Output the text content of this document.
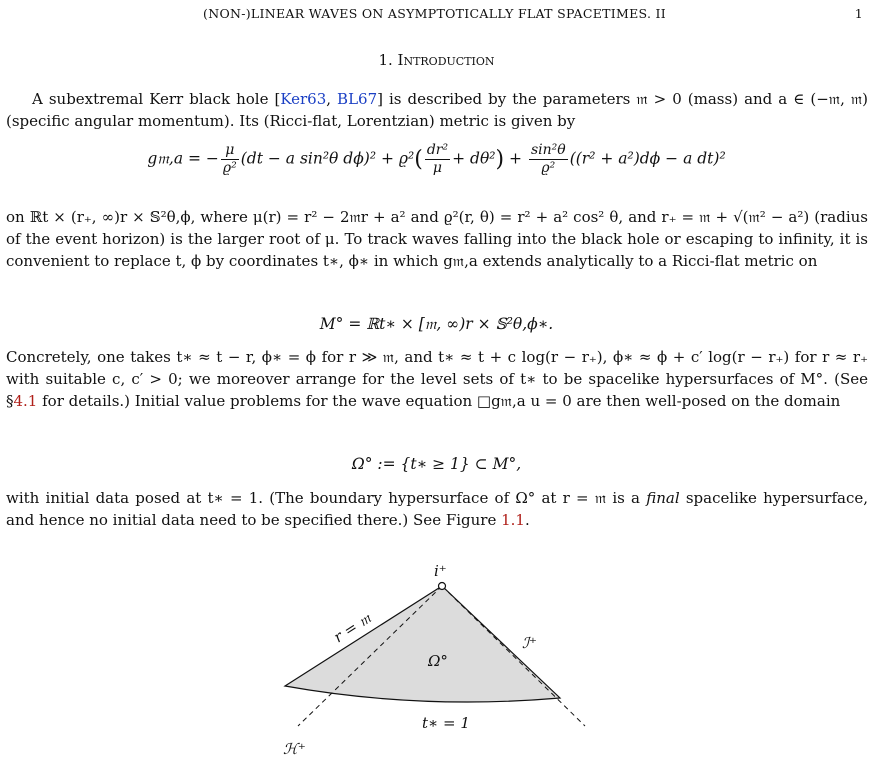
(NON-)LINEAR WAVES ON ASYMPTOTICALLY FLAT SPACETIMES. II	1
1. Introduction
A subextremal Kerr black hole [Ker63, BL67] is described by the parameters 𝔪 > 0 (mass) and a ∈ (−𝔪, 𝔪) (specific angular momentum). Its (Ricci-flat, Lorentzian) metric is given by
g𝔪,a = − $\frac{\mu}{\text{ϱ²}} (dt - a$ sin²θ $d\phi)^2 + ϱ^2( \frac{\text{dr²}}{\mu} + d\theta^2) + \frac{\text{sin²θ}}{\text{ϱ²}} ((r^2 + a^2)d\phi - a$ dt)²
on ℝt × (r₊, ∞)r × 𝕊²θ,ϕ, where μ(r) = r² − 2𝔪r + a² and ϱ²(r, θ) = r² + a² cos² θ, and r₊ = 𝔪 + √(𝔪² − a²) (radius of the event horizon) is the larger root of μ. To track waves falling into the black hole or escaping to infinity, it is convenient to replace t, ϕ by coordinates t∗, ϕ∗ in which g𝔪,a extends analytically to a Ricci-flat metric on
M° = ℝt∗ × [𝔪, ∞)r × 𝕊²θ,ϕ∗.
Concretely, one takes t∗ ≈ t − r, ϕ∗ = ϕ for r ≫ 𝔪, and t∗ ≈ t + c log(r − r₊), ϕ∗ ≈ ϕ + c′ log(r − r₊) for r ≈ r₊ with suitable c, c′ > 0; we moreover arrange for the level sets of t∗ to be spacelike hypersurfaces of M°. (See §4.1 for details.) Initial value problems for the wave equation □g𝔪,a u = 0 are then well-posed on the domain
Ω° := {t∗ ≥ 1} ⊂ M°,
with initial data posed at t∗ = 1. (The boundary hypersurface of Ω° at r = 𝔪 is a final spacelike hypersurface, and hence no initial data need to be specified there.) See Figure 1.1.
i⁺
r = 𝔪
Ω°
ℐ⁺
t∗ = 1
ℋ⁺
